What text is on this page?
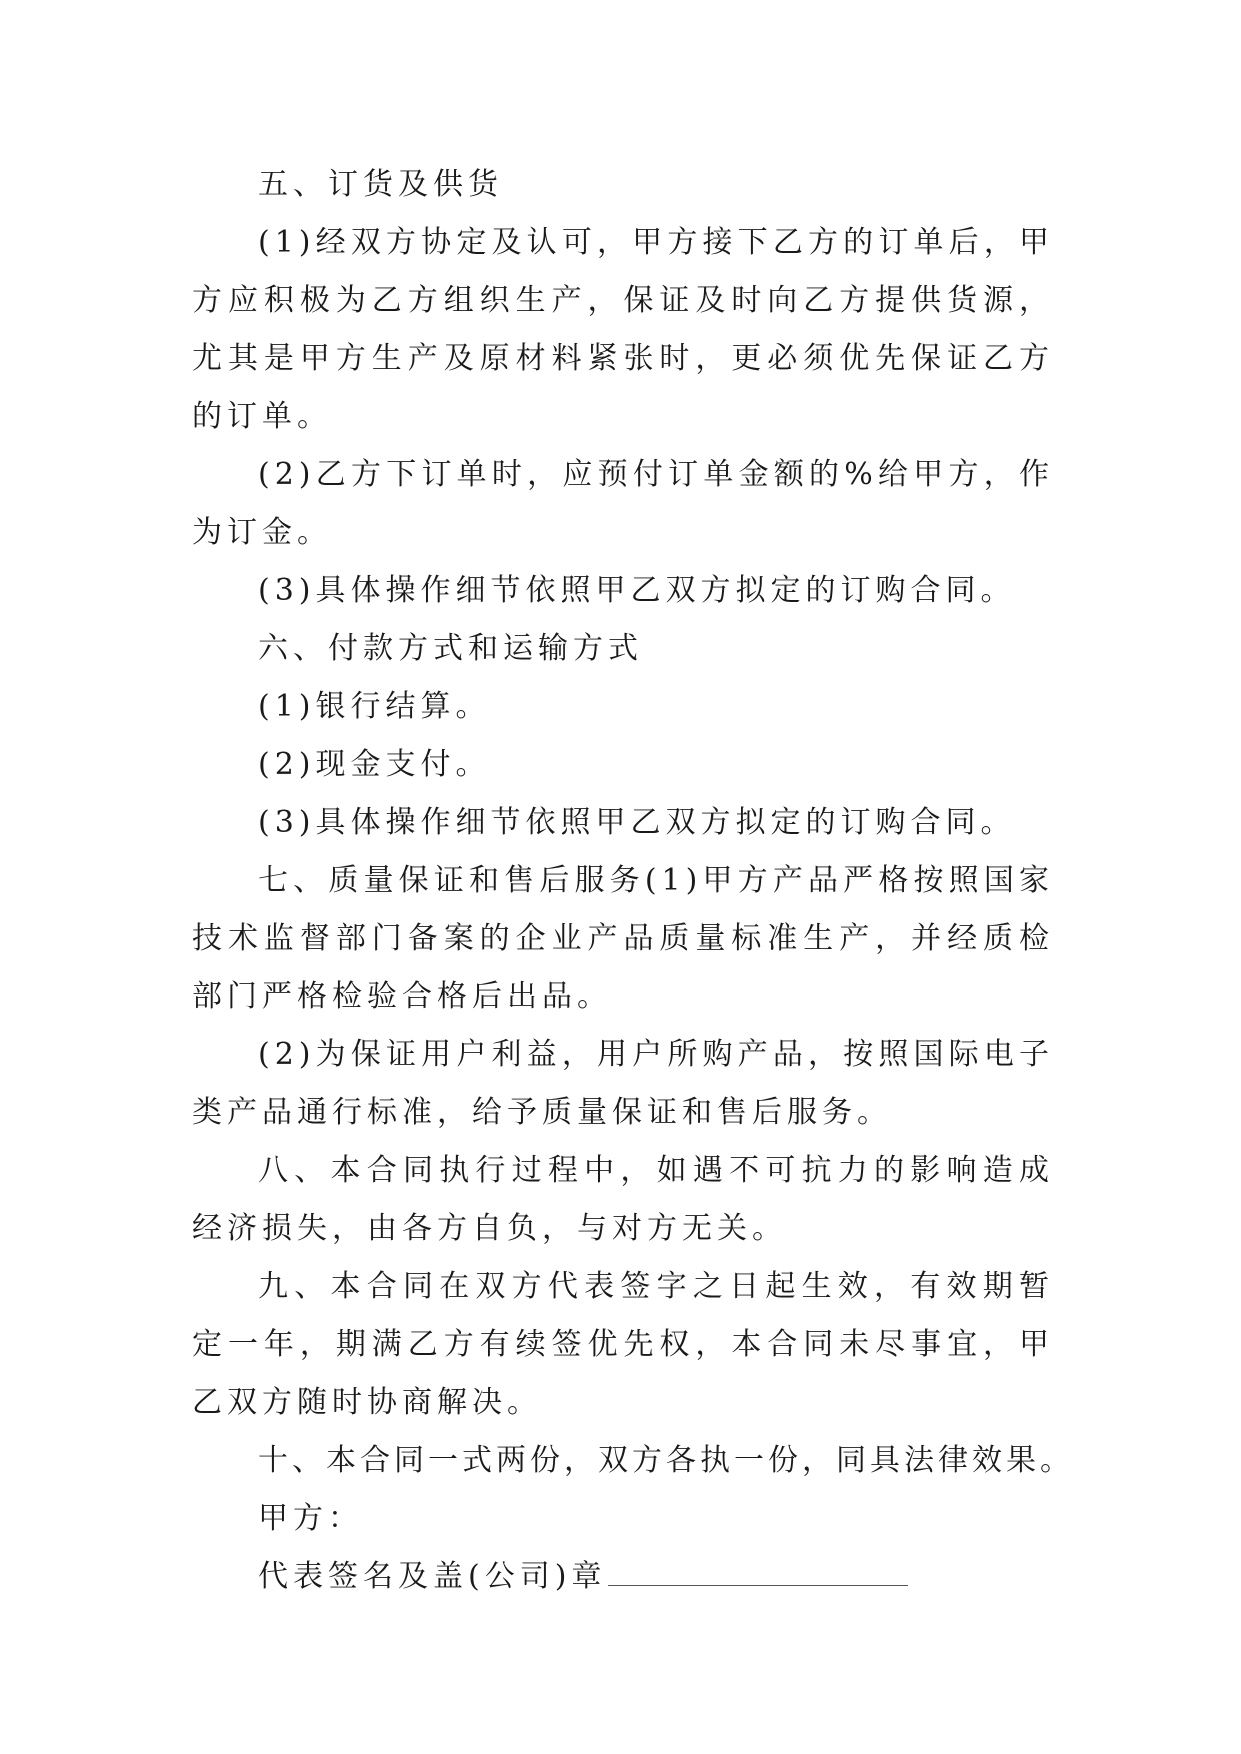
五、订货及供货

(1)经双方协定及认可，甲方接下乙方的订单后，甲方应积极为乙方组织生产，保证及时向乙方提供货源，尤其是甲方生产及原材料紧张时，更必须优先保证乙方的订单。

(2)乙方下订单时，应预付订单金额的%给甲方，作为订金。

(3)具体操作细节依照甲乙双方拟定的订购合同。

六、付款方式和运输方式

(1)银行结算。

(2)现金支付。

(3)具体操作细节依照甲乙双方拟定的订购合同。

七、质量保证和售后服务(1)甲方产品严格按照国家技术监督部门备案的企业产品质量标准生产，并经质检部门严格检验合格后出品。

(2)为保证用户利益，用户所购产品，按照国际电子类产品通行标准，给予质量保证和售后服务。

八、本合同执行过程中，如遇不可抗力的影响造成经济损失，由各方自负，与对方无关。

九、本合同在双方代表签字之日起生效，有效期暂定一年，期满乙方有续签优先权，本合同未尽事宜，甲乙双方随时协商解决。

十、本合同一式两份，双方各执一份，同具法律效果。

甲方：

代表签名及盖(公司)章
